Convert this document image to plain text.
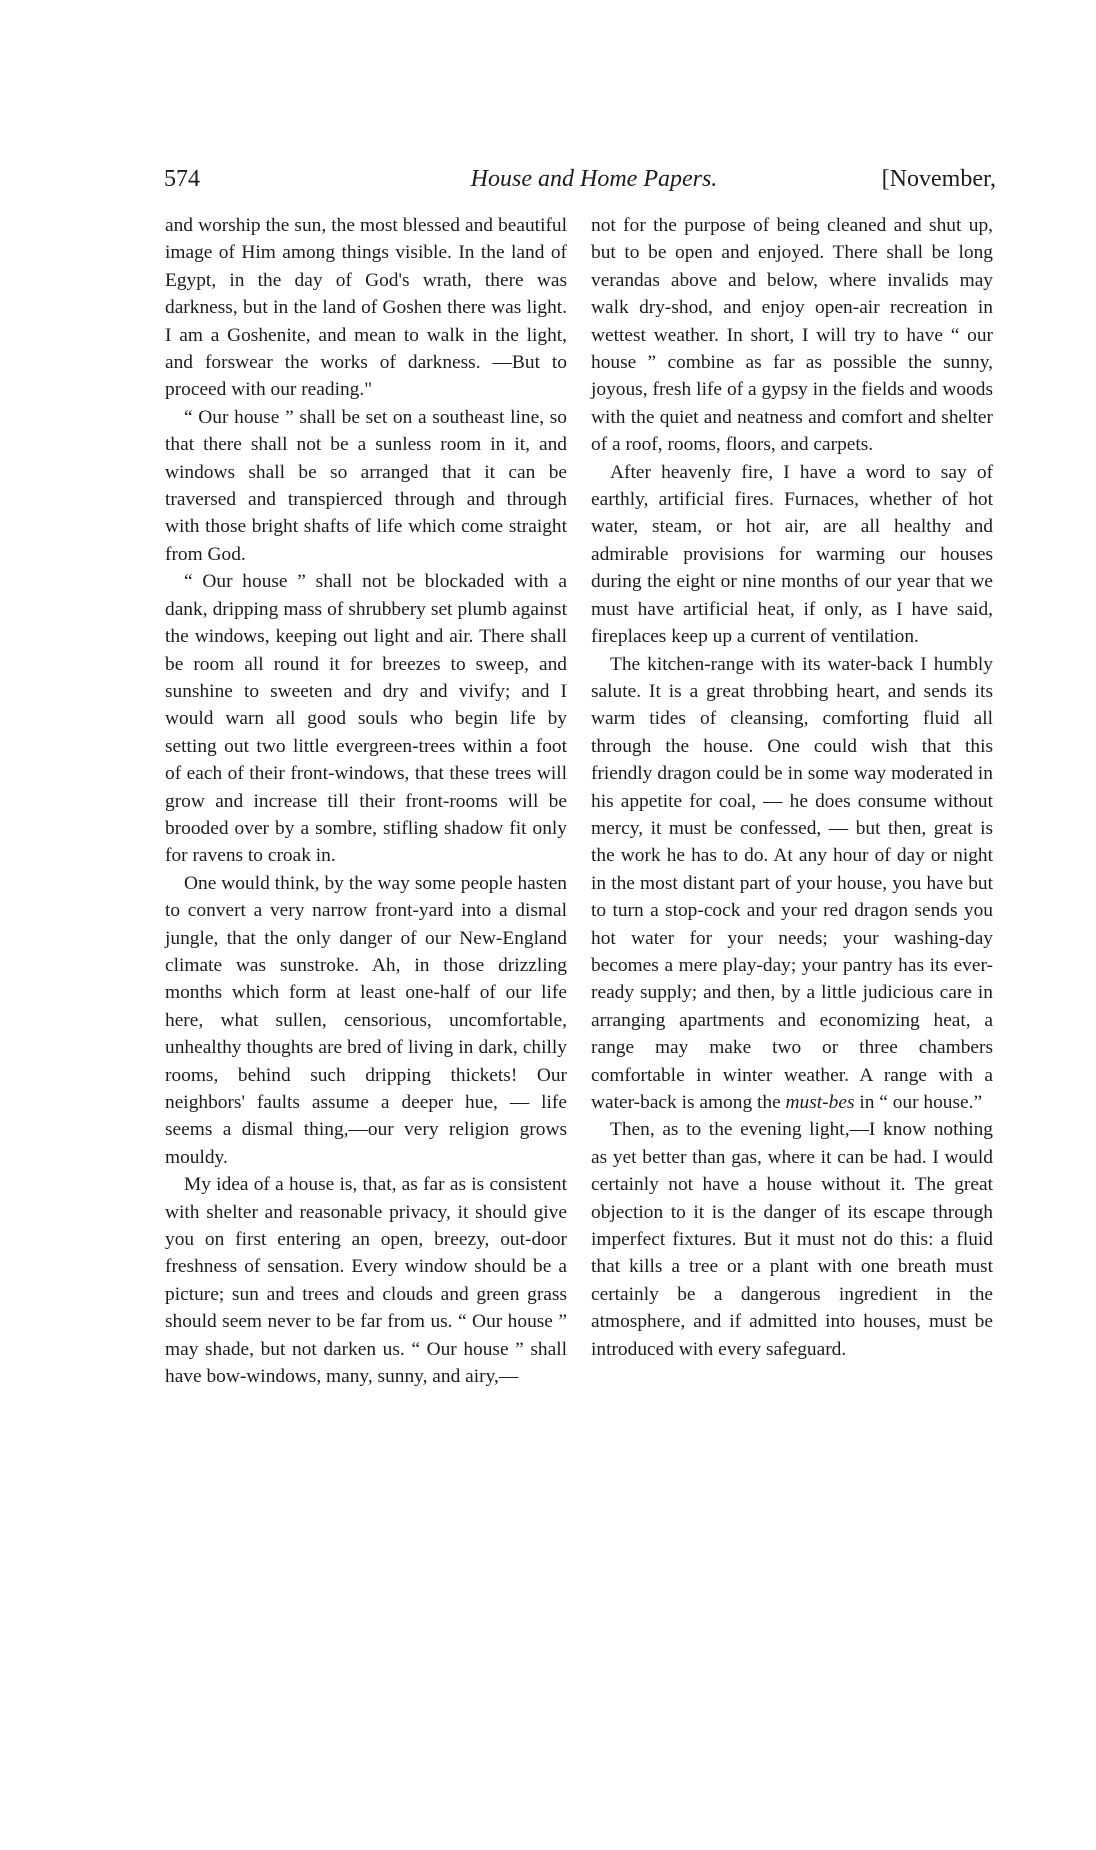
574	House and Home Papers.	[November,

and worship the sun, the most blessed and beautiful image of Him among things visible. In the land of Egypt, in the day of God's wrath, there was darkness, but in the land of Goshen there was light. I am a Goshenite, and mean to walk in the light, and forswear the works of darkness. —But to proceed with our reading."

“ Our house ” shall be set on a southeast line, so that there shall not be a sunless room in it, and windows shall be so arranged that it can be traversed and transpierced through and through with those bright shafts of life which come straight from God.

“ Our house ” shall not be blockaded with a dank, dripping mass of shrubbery set plumb against the windows, keeping out light and air. There shall be room all round it for breezes to sweep, and sunshine to sweeten and dry and vivify; and I would warn all good souls who begin life by setting out two little evergreen-trees within a foot of each of their front-windows, that these trees will grow and increase till their front-rooms will be brooded over by a sombre, stifling shadow fit only for ravens to croak in.

One would think, by the way some people hasten to convert a very narrow front-yard into a dismal jungle, that the only danger of our New-England climate was sunstroke. Ah, in those drizzling months which form at least one-half of our life here, what sullen, censorious, uncomfortable, unhealthy thoughts are bred of living in dark, chilly rooms, behind such dripping thickets! Our neighbors' faults assume a deeper hue, — life seems a dismal thing,—our very religion grows mouldy.

My idea of a house is, that, as far as is consistent with shelter and reasonable privacy, it should give you on first entering an open, breezy, out-door freshness of sensation. Every window should be a picture; sun and trees and clouds and green grass should seem never to be far from us. “ Our house ” may shade, but not darken us. “ Our house ” shall have bow-windows, many, sunny, and airy,—

not for the purpose of being cleaned and shut up, but to be open and enjoyed. There shall be long verandas above and below, where invalids may walk dry-shod, and enjoy open-air recreation in wettest weather. In short, I will try to have “ our house ” combine as far as possible the sunny, joyous, fresh life of a gypsy in the fields and woods with the quiet and neatness and comfort and shelter of a roof, rooms, floors, and carpets.

After heavenly fire, I have a word to say of earthly, artificial fires. Furnaces, whether of hot water, steam, or hot air, are all healthy and admirable provisions for warming our houses during the eight or nine months of our year that we must have artificial heat, if only, as I have said, fireplaces keep up a current of ventilation.

The kitchen-range with its water-back I humbly salute. It is a great throbbing heart, and sends its warm tides of cleansing, comforting fluid all through the house. One could wish that this friendly dragon could be in some way moderated in his appetite for coal, — he does consume without mercy, it must be confessed, — but then, great is the work he has to do. At any hour of day or night in the most distant part of your house, you have but to turn a stop-cock and your red dragon sends you hot water for your needs; your washing-day becomes a mere play-day; your pantry has its ever-ready supply; and then, by a little judicious care in arranging apartments and economizing heat, a range may make two or three chambers comfortable in winter weather. A range with a water-back is among the must-bes in “ our house.”

Then, as to the evening light,—I know nothing as yet better than gas, where it can be had. I would certainly not have a house without it. The great objection to it is the danger of its escape through imperfect fixtures. But it must not do this: a fluid that kills a tree or a plant with one breath must certainly be a dangerous ingredient in the atmosphere, and if admitted into houses, must be introduced with every safeguard.
